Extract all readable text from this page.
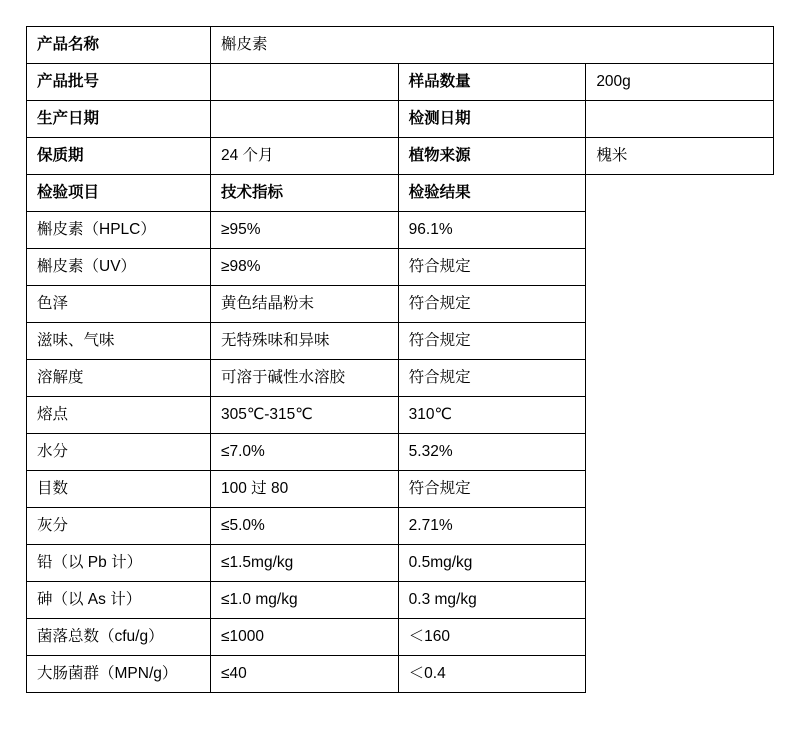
产品名称	槲皮素		
产品批号		样品数量	200g
生产日期		检测日期	
保质期	24 个月	植物来源	槐米
检验项目	技术指标	检验结果	
槲皮素（HPLC）	≥95%	96.1%	
槲皮素（UV）	≥98%	符合规定	
色泽	黄色结晶粉末	符合规定	
滋味、气味	无特殊味和异味	符合规定	
溶解度	可溶于碱性水溶胶	符合规定	
熔点	305℃-315℃	310℃	
水分	≤7.0%	5.32%	
目数	100 过 80	符合规定	
灰分	≤5.0%	2.71%	
铅（以 Pb 计）	≤1.5mg/kg	0.5mg/kg	
砷（以 As 计）	≤1.0 mg/kg	0.3 mg/kg	
菌落总数（cfu/g）	≤1000	＜160	
大肠菌群（MPN/g）	≤40	＜0.4	
